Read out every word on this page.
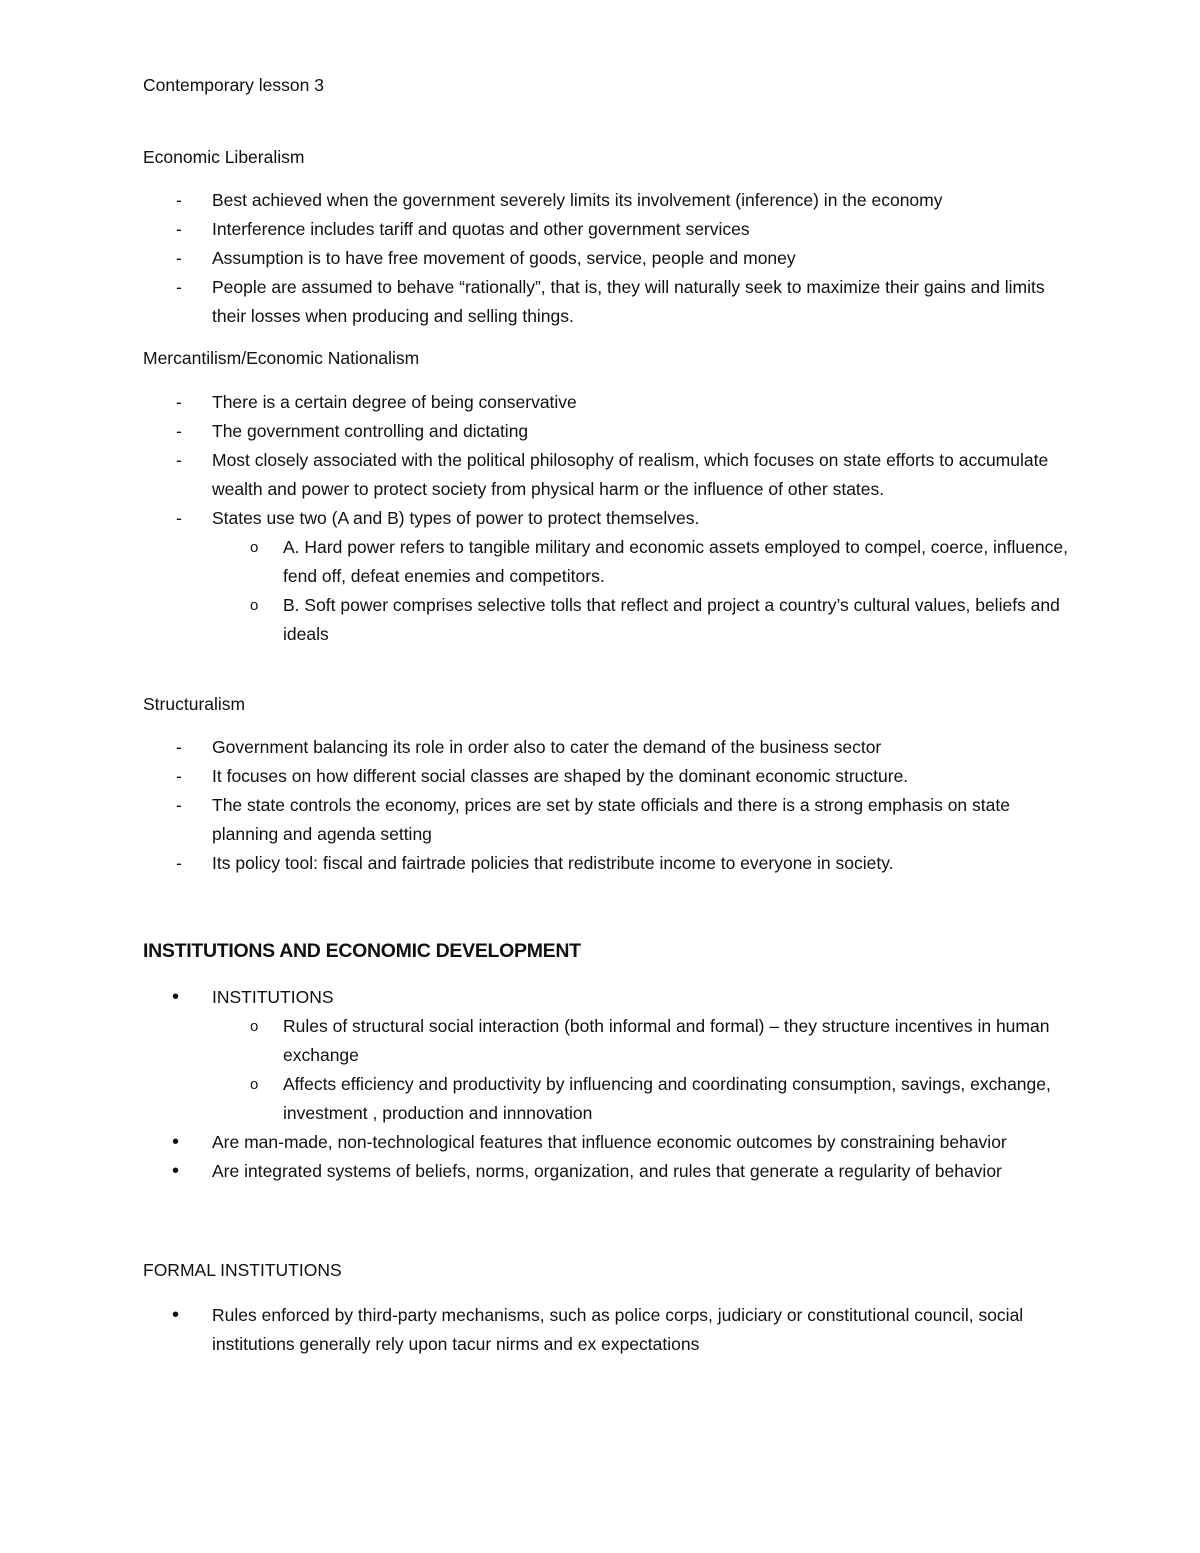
Contemporary lesson 3

Economic Liberalism

- Best achieved when the government severely limits its involvement (inference) in the economy
- Interference includes tariff and quotas and other government services
- Assumption is to have free movement of goods, service, people and money
- People are assumed to behave “rationally”, that is, they will naturally seek to maximize their gains and limits their losses when producing and selling things.

Mercantilism/Economic Nationalism

- There is a certain degree of being conservative
- The government controlling and dictating
- Most closely associated with the political philosophy of realism, which focuses on state efforts to accumulate wealth and power to protect society from physical harm or the influence of other states.
- States use two (A and B) types of power to protect themselves.
o A. Hard power refers to tangible military and economic assets employed to compel, coerce, influence, fend off, defeat enemies and competitors.
o B. Soft power comprises selective tolls that reflect and project a country’s cultural values, beliefs and ideals

Structuralism

- Government balancing its role in order also to cater the demand of the business sector
- It focuses on how different social classes are shaped by the dominant economic structure.
- The state controls the economy, prices are set by state officials and there is a strong emphasis on state planning and agenda setting
- Its policy tool: fiscal and fairtrade policies that redistribute income to everyone in society.
INSTITUTIONS AND ECONOMIC DEVELOPMENT
• INSTITUTIONS
o Rules of structural social interaction (both informal and formal) – they structure incentives in human exchange
o Affects efficiency and productivity by influencing and coordinating consumption, savings, exchange, investment , production and innnovation
• Are man-made, non-technological features that influence economic outcomes by constraining behavior
• Are integrated systems of beliefs, norms, organization, and rules that generate a regularity of behavior

FORMAL INSTITUTIONS

• Rules enforced by third-party mechanisms, such as police corps, judiciary or constitutional council, social institutions generally rely upon tacur nirms and ex expectations
